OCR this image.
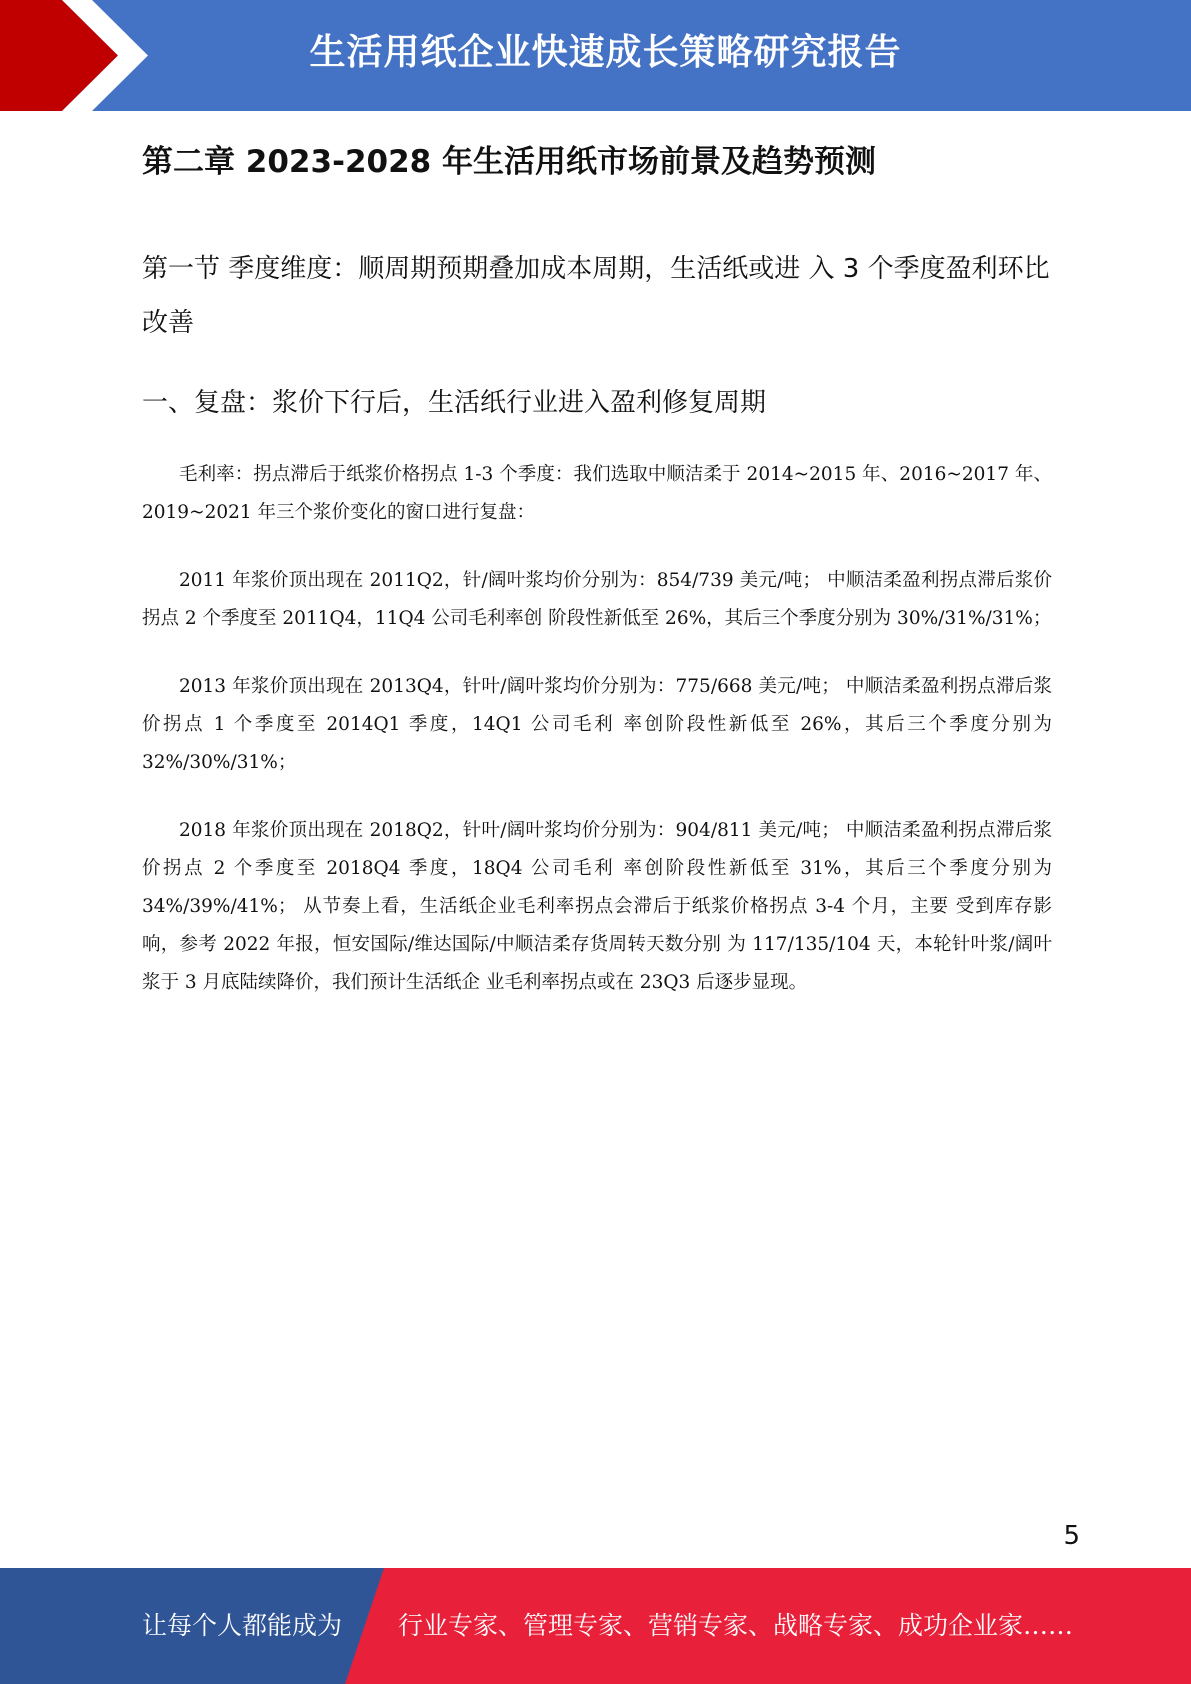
生活用纸企业快速成长策略研究报告
第二章 2023-2028 年生活用纸市场前景及趋势预测
第一节 季度维度：顺周期预期叠加成本周期，生活纸或进 入 3 个季度盈利环比改善
一、复盘：浆价下行后，生活纸行业进入盈利修复周期

毛利率：拐点滞后于纸浆价格拐点 1-3 个季度：我们选取中顺洁柔于 2014~2015 年、2016~2017 年、2019~2021 年三个浆价变化的窗口进行复盘：

2011 年浆价顶出现在 2011Q2，针/阔叶浆均价分别为：854/739 美元/吨； 中顺洁柔盈利拐点滞后浆价拐点 2 个季度至 2011Q4，11Q4 公司毛利率创 阶段性新低至 26%，其后三个季度分别为 30%/31%/31%；

2013 年浆价顶出现在 2013Q4，针叶/阔叶浆均价分别为：775/668 美元/吨； 中顺洁柔盈利拐点滞后浆价拐点 1 个季度至 2014Q1 季度，14Q1 公司毛利 率创阶段性新低至 26%，其后三个季度分别为 32%/30%/31%；

2018 年浆价顶出现在 2018Q2，针叶/阔叶浆均价分别为：904/811 美元/吨； 中顺洁柔盈利拐点滞后浆价拐点 2 个季度至 2018Q4 季度，18Q4 公司毛利 率创阶段性新低至 31%，其后三个季度分别为 34%/39%/41%； 从节奏上看，生活纸企业毛利率拐点会滞后于纸浆价格拐点 3-4 个月，主要 受到库存影响，参考 2022 年报，恒安国际/维达国际/中顺洁柔存货周转天数分别 为 117/135/104 天，本轮针叶浆/阔叶浆于 3 月底陆续降价，我们预计生活纸企 业毛利率拐点或在 23Q3 后逐步显现。

5
让每个人都能成为 行业专家、管理专家、营销专家、战略专家、成功企业家……
